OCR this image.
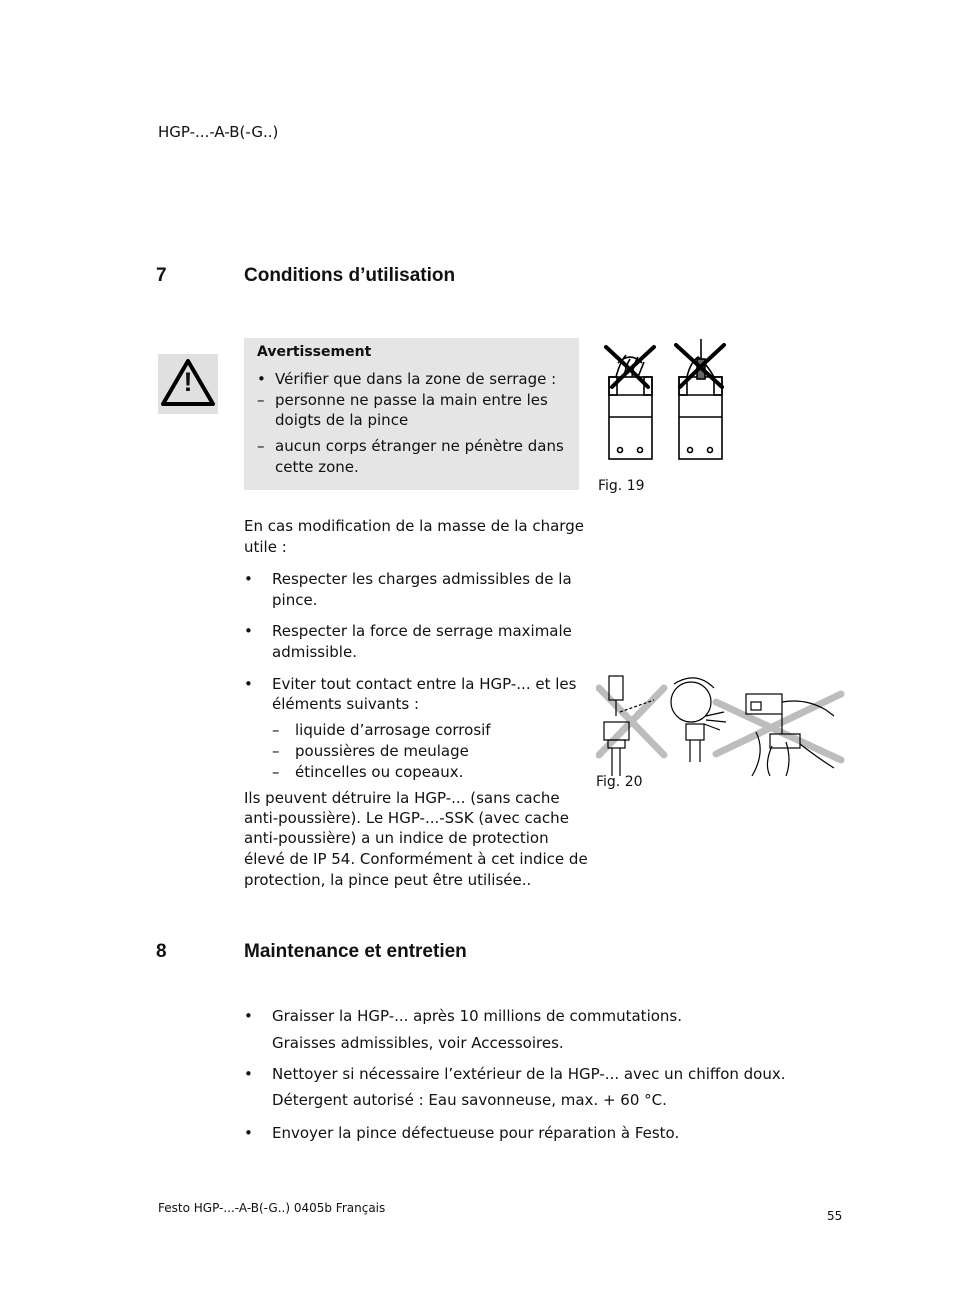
HGP-...-A-B(-G..)
7	Conditions d’utilisation
!
Avertissement
• Vérifier que dans la zone de serrage :
– personne ne passe la main entre les
doigts de la pince
– aucun corps étranger ne pénètre dans
cette zone.
Fig. 19
En cas modification de la masse de la charge
utile :
• Respecter les charges admissibles de la
pince.
• Respecter la force de serrage maximale
admissible.
• Eviter tout contact entre la HGP-... et les
éléments suivants :
– liquide d’arrosage corrosif
– poussières de meulage
– étincelles ou copeaux.
Ils peuvent détruire la HGP-... (sans cache
anti-poussière). Le HGP-...-SSK (avec cache
anti-poussière) a un indice de protection
élevé de IP 54. Conformément à cet indice de
protection, la pince peut être utilisée..
Fig. 20
8	Maintenance et entretien
• Graisser la HGP-... après 10 millions de commutations.
Graisses admissibles, voir Accessoires.
• Nettoyer si nécessaire l’extérieur de la HGP-... avec un chiffon doux.
Détergent autorisé : Eau savonneuse, max. + 60 °C.
• Envoyer la pince défectueuse pour réparation à Festo.
Festo HGP-...-A-B(-G..) 0405b Français
55
